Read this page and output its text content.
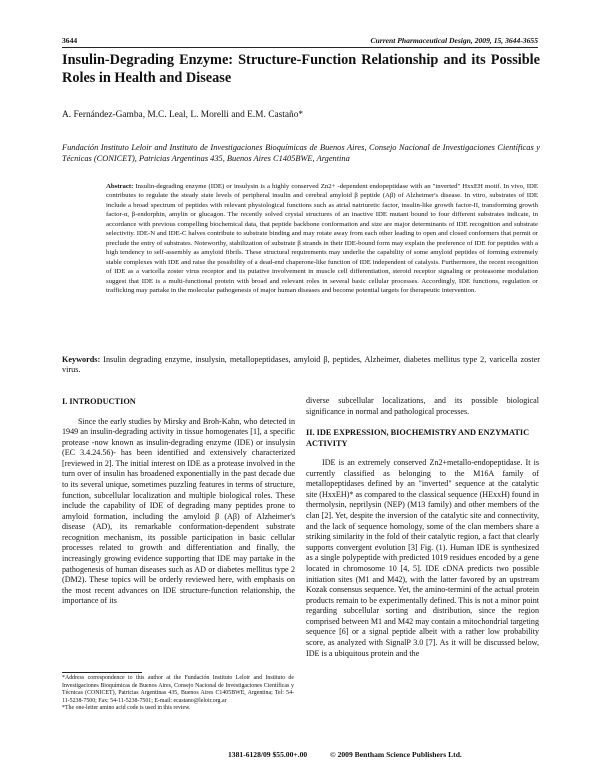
3644	Current Pharmaceutical Design, 2009, 15, 3644-3655
Insulin-Degrading Enzyme: Structure-Function Relationship and its Possible Roles in Health and Disease
A. Fernández-Gamba, M.C. Leal, L. Morelli and E.M. Castaño*
Fundación Instituto Leloir and Instituto de Investigaciones Bioquímicas de Buenos Aires, Consejo Nacional de Investigaciones Científicas y Técnicas (CONICET), Patricias Argentinas 435, Buenos Aires C1405BWE, Argentina
Abstract: Insulin-degrading enzyme (IDE) or insulysin is a highly conserved Zn2+ -dependent endopeptidase with an "inverted" HxxEH motif. In vivo, IDE contributes to regulate the steady state levels of peripheral insulin and cerebral amyloid β peptide (Aβ) of Alzheimer's disease. In vitro, substrates of IDE include a broad spectrum of peptides with relevant physiological functions such as atrial natriuretic factor, insulin-like growth factor-II, transforming growth factor-α, β-endorphin, amylin or glucagon. The recently solved crystal structures of an inactive IDE mutant bound to four different substrates indicate, in accordance with previous compelling biochemical data, that peptide backbone conformation and size are major determinants of IDE recognition and substrate selectivity. IDE-N and IDE-C halves contribute to substrate binding and may rotate away from each other leading to open and closed conformers that permit or preclude the entry of substrates. Noteworthy, stabilization of substrate β strands in their IDE-bound form may explain the preference of IDE for peptides with a high tendency to self-assembly as amyloid fibrils. These structural requirements may underlie the capability of some amyloid peptides of forming extremely stable complexes with IDE and raise the possibility of a dead-end chaperone-like function of IDE independent of catalysis. Furthermore, the recent recognition of IDE as a varicella zoster virus receptor and its putative involvement in muscle cell differentiation, steroid receptor signaling or proteasome modulation suggest that IDE is a multi-functional protein with broad and relevant roles in several basic cellular processes. Accordingly, IDE functions, regulation or trafficking may partake in the molecular pathogenesis of major human diseases and become potential targets for therapeutic intervention.
Keywords: Insulin degrading enzyme, insulysin, metallopeptidases, amyloid β, peptides, Alzheimer, diabetes mellitus type 2, varicella zoster virus.
I. INTRODUCTION

Since the early studies by Mirsky and Broh-Kahn, who detected in 1949 an insulin-degrading activity in tissue homogenates [1], a specific protease -now known as insulin-degrading enzyme (IDE) or insulysin (EC 3.4.24.56)- has been identified and extensively characterized [reviewed in 2]. The initial interest on IDE as a protease involved in the turn over of insulin has broadened exponentially in the past decade due to its several unique, sometimes puzzling features in terms of structure, function, subcellular localization and multiple biological roles. These include the capability of IDE of degrading many peptides prone to amyloid formation, including the amyloid β (Aβ) of Alzheimer's disease (AD), its remarkable conformation-dependent substrate recognition mechanism, its possible participation in basic cellular processes related to growth and differentiation and finally, the increasingly growing evidence supporting that IDE may partake in the pathogenesis of human diseases such as AD or diabetes mellitus type 2 (DM2). These topics will be orderly reviewed here, with emphasis on the most recent advances on IDE structure-function relationship, the importance of its

diverse subcellular localizations, and its possible biological significance in normal and pathological processes.

II. IDE EXPRESSION, BIOCHEMISTRY AND ENZYMATIC ACTIVITY

IDE is an extremely conserved Zn2+metallo-endopeptidase. It is currently classified as belonging to the M16A family of metallopeptidases defined by an "inverted" sequence at the catalytic site (HxxEH)* as compared to the classical sequence (HExxH) found in thermolysin, neprilysin (NEP) (M13 family) and other members of the clan [2]. Yet, despite the inversion of the catalytic site and connectivity, and the lack of sequence homology, some of the clan members share a striking similarity in the fold of their catalytic region, a fact that clearly supports convergent evolution [3] Fig. (1). Human IDE is synthesized as a single polypeptide with predicted 1019 residues encoded by a gene located in chromosome 10 [4, 5]. IDE cDNA predicts two possible initiation sites (M1 and M42), with the latter favored by an upstream Kozak consensus sequence. Yet, the amino-termini of the actual protein products remain to be experimentally defined. This is not a minor point regarding subcellular sorting and distribution, since the region comprised between M1 and M42 may contain a mitochondrial targeting sequence [6] or a signal peptide albeit with a rather low probability score, as analyzed with SignalP 3.0 [7]. As it will be discussed below, IDE is a ubiquitous protein and the

*Address correspondence to this author at the Fundación Instituto Leloir and Instituto de Investigaciones Bioquímicas de Buenos Aires, Consejo Nacional de Investigaciones Científicas y Técnicas (CONICET), Patricias Argentinas 435, Buenos Aires C1405BWE, Argentina; Tel: 54-11-5238-7500; Fax: 54-11-5238-7501; E-mail: ecastano@leloir.org.ar
*The one-letter amino acid code is used in this review.
1381-6128/09 $55.00+.00	© 2009 Bentham Science Publishers Ltd.
